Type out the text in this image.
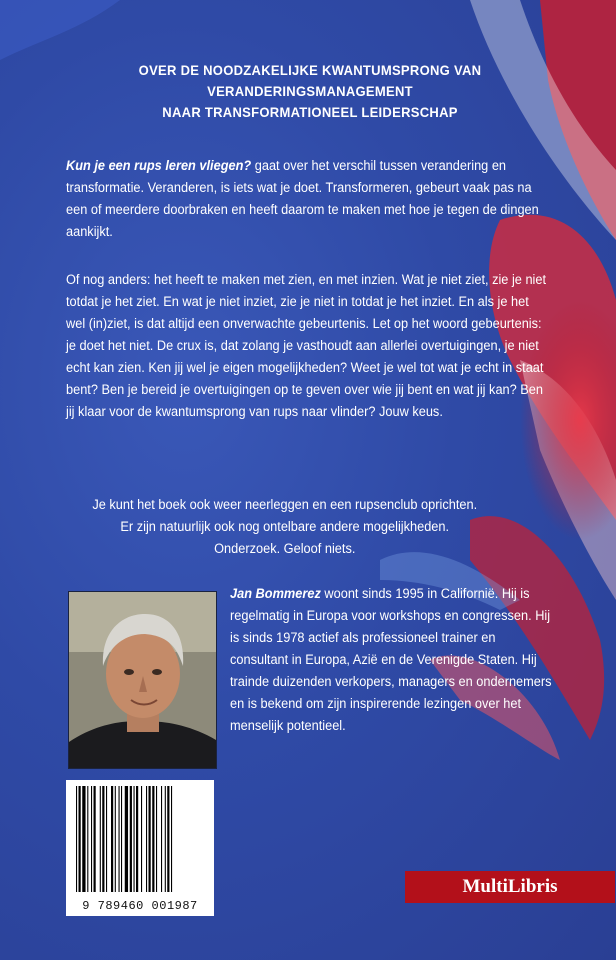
OVER DE NOODZAKELIJKE KWANTUMSPRONG VAN
VERANDERINGSMANAGEMENT
NAAR TRANSFORMATIONEEL LEIDERSCHAP
Kun je een rups leren vliegen? gaat over het verschil tussen verandering en transformatie. Veranderen, is iets wat je doet. Transformeren, gebeurt vaak pas na een of meerdere doorbraken en heeft daarom te maken met hoe je tegen de dingen aankijkt.
Of nog anders: het heeft te maken met zien, en met inzien. Wat je niet ziet, zie je niet totdat je het ziet. En wat je niet inziet, zie je niet in totdat je het inziet. En als je het wel (in)ziet, is dat altijd een onverwachte gebeurtenis. Let op het woord gebeurtenis: je doet het niet. De crux is, dat zolang je vasthoudt aan allerlei overtuigingen, je niet echt kan zien. Ken jij wel je eigen mogelijkheden? Weet je wel tot wat je echt in staat bent? Ben je bereid je overtuigingen op te geven over wie jij bent en wat jij kan? Ben jij klaar voor de kwantumsprong van rups naar vlinder? Jouw keus.
Je kunt het boek ook weer neerleggen en een rupsenclub oprichten.
Er zijn natuurlijk ook nog ontelbare andere mogelijkheden.
Onderzoek. Geloof niets.
Jan Bommerez woont sinds 1995 in Californië. Hij is regelmatig in Europa voor workshops en congressen. Hij is sinds 1978 actief als professioneel trainer en consultant in Europa, Azië en de Verenigde Staten. Hij trainde duizenden verkopers, managers en ondernemers en is bekend om zijn inspirerende lezingen over het menselijk potentieel.
9 789460 001987
MultiLibris
